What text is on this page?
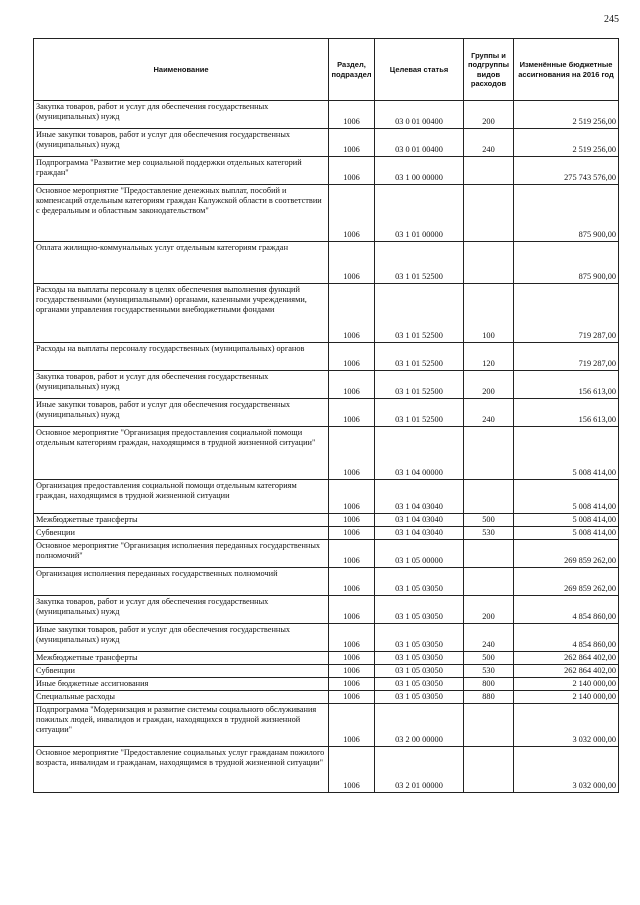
245
Наименование	Раздел, подраздел	Целевая статья	Группы и подгруппы видов расходов	Изменённые бюджетные ассигнования на 2016 год
Закупка товаров, работ и услуг для обеспечения государственных (муниципальных) нужд	1006	03 0 01 00400	200	2 519 256,00
Иные закупки товаров, работ и услуг для обеспечения государственных (муниципальных) нужд	1006	03 0 01 00400	240	2 519 256,00
Подпрограмма "Развитие мер социальной поддержки отдельных категорий граждан"	1006	03 1 00 00000		275 743 576,00
Основное мероприятие "Предоставление денежных выплат, пособий и компенсаций отдельным категориям граждан Калужской области в соответствии с федеральным и областным законодательством"	1006	03 1 01 00000		875 900,00
Оплата жилищно-коммунальных услуг отдельным категориям граждан	1006	03 1 01 52500		875 900,00
Расходы на выплаты персоналу в целях обеспечения выполнения функций государственными (муниципальными) органами, казенными учреждениями, органами управления государственными внебюджетными фондами	1006	03 1 01 52500	100	719 287,00
Расходы на выплаты персоналу государственных (муниципальных) органов	1006	03 1 01 52500	120	719 287,00
Закупка товаров, работ и услуг для обеспечения государственных (муниципальных) нужд	1006	03 1 01 52500	200	156 613,00
Иные закупки товаров, работ и услуг для обеспечения государственных (муниципальных) нужд	1006	03 1 01 52500	240	156 613,00
Основное мероприятие "Организация предоставления социальной помощи отдельным категориям граждан, находящимся в трудной жизненной ситуации"	1006	03 1 04 00000		5 008 414,00
Организация предоставления социальной помощи отдельным категориям граждан, находящимся в трудной жизненной ситуации	1006	03 1 04 03040		5 008 414,00
Межбюджетные трансферты	1006	03 1 04 03040	500	5 008 414,00
Субвенции	1006	03 1 04 03040	530	5 008 414,00
Основное мероприятие "Организация исполнения переданных государственных полномочий"	1006	03 1 05 00000		269 859 262,00
Организация исполнения переданных государственных полномочий	1006	03 1 05 03050		269 859 262,00
Закупка товаров, работ и услуг для обеспечения государственных (муниципальных) нужд	1006	03 1 05 03050	200	4 854 860,00
Иные закупки товаров, работ и услуг для обеспечения государственных (муниципальных) нужд	1006	03 1 05 03050	240	4 854 860,00
Межбюджетные трансферты	1006	03 1 05 03050	500	262 864 402,00
Субвенции	1006	03 1 05 03050	530	262 864 402,00
Иные бюджетные ассигнования	1006	03 1 05 03050	800	2 140 000,00
Специальные расходы	1006	03 1 05 03050	880	2 140 000,00
Подпрограмма "Модернизация и развитие системы социального обслуживания пожилых людей, инвалидов и граждан, находящихся в трудной жизненной ситуации"	1006	03 2 00 00000		3 032 000,00
Основное мероприятие "Предоставление социальных услуг гражданам пожилого возраста, инвалидам и гражданам, находящимся в трудной жизненной ситуации"	1006	03 2 01 00000		3 032 000,00
